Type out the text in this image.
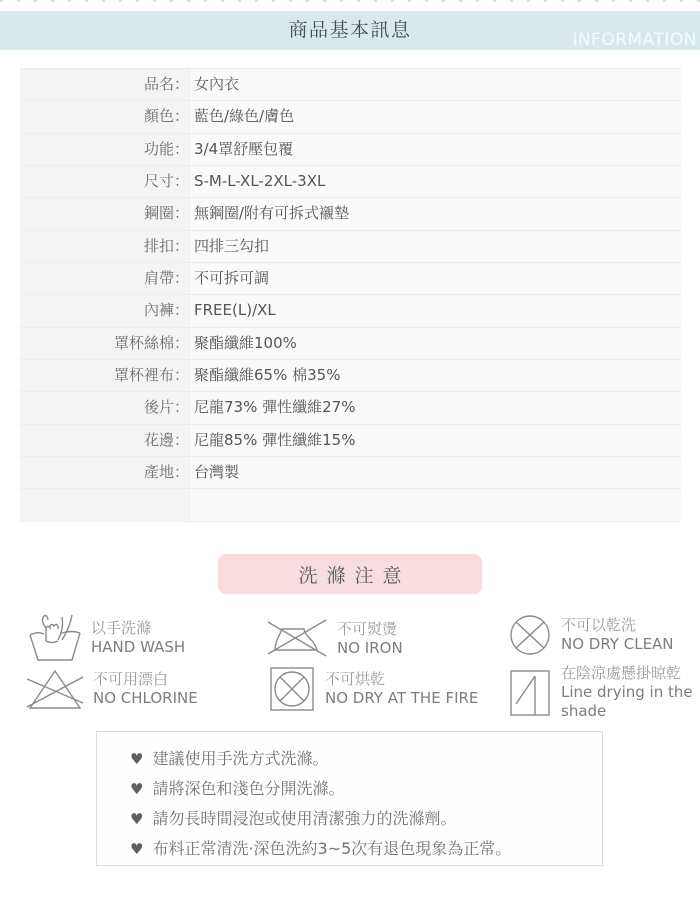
商品基本訊息	INFORMATION
品名： 女內衣
顏色： 藍色/綠色/膚色
功能： 3/4罩舒壓包覆
尺寸： S-M-L-XL-2XL-3XL
鋼圈： 無鋼圈/附有可拆式襯墊
排扣： 四排三勾扣
肩帶： 不可拆可調
內褲： FREE(L)/XL
罩杯絲棉： 聚酯纖維100%
罩杯裡布： 聚酯纖維65% 棉35%
後片： 尼龍73% 彈性纖維27%
花邊： 尼龍85% 彈性纖維15%
產地： 台灣製
洗滌注意
以手洗滌
HAND WASH
不可熨燙
NO IRON
不可以乾洗
NO DRY CLEAN
不可用漂白
NO CHLORINE
不可烘乾
NO DRY AT THE FIRE
在陰涼處懸掛晾乾
Line drying in the shade
♥ 建議使用手洗方式洗滌。
♥ 請將深色和淺色分開洗滌。
♥ 請勿長時間浸泡或使用清潔強力的洗滌劑。
♥ 布料正常清洗·深色洗約3~5次有退色現象為正常。
